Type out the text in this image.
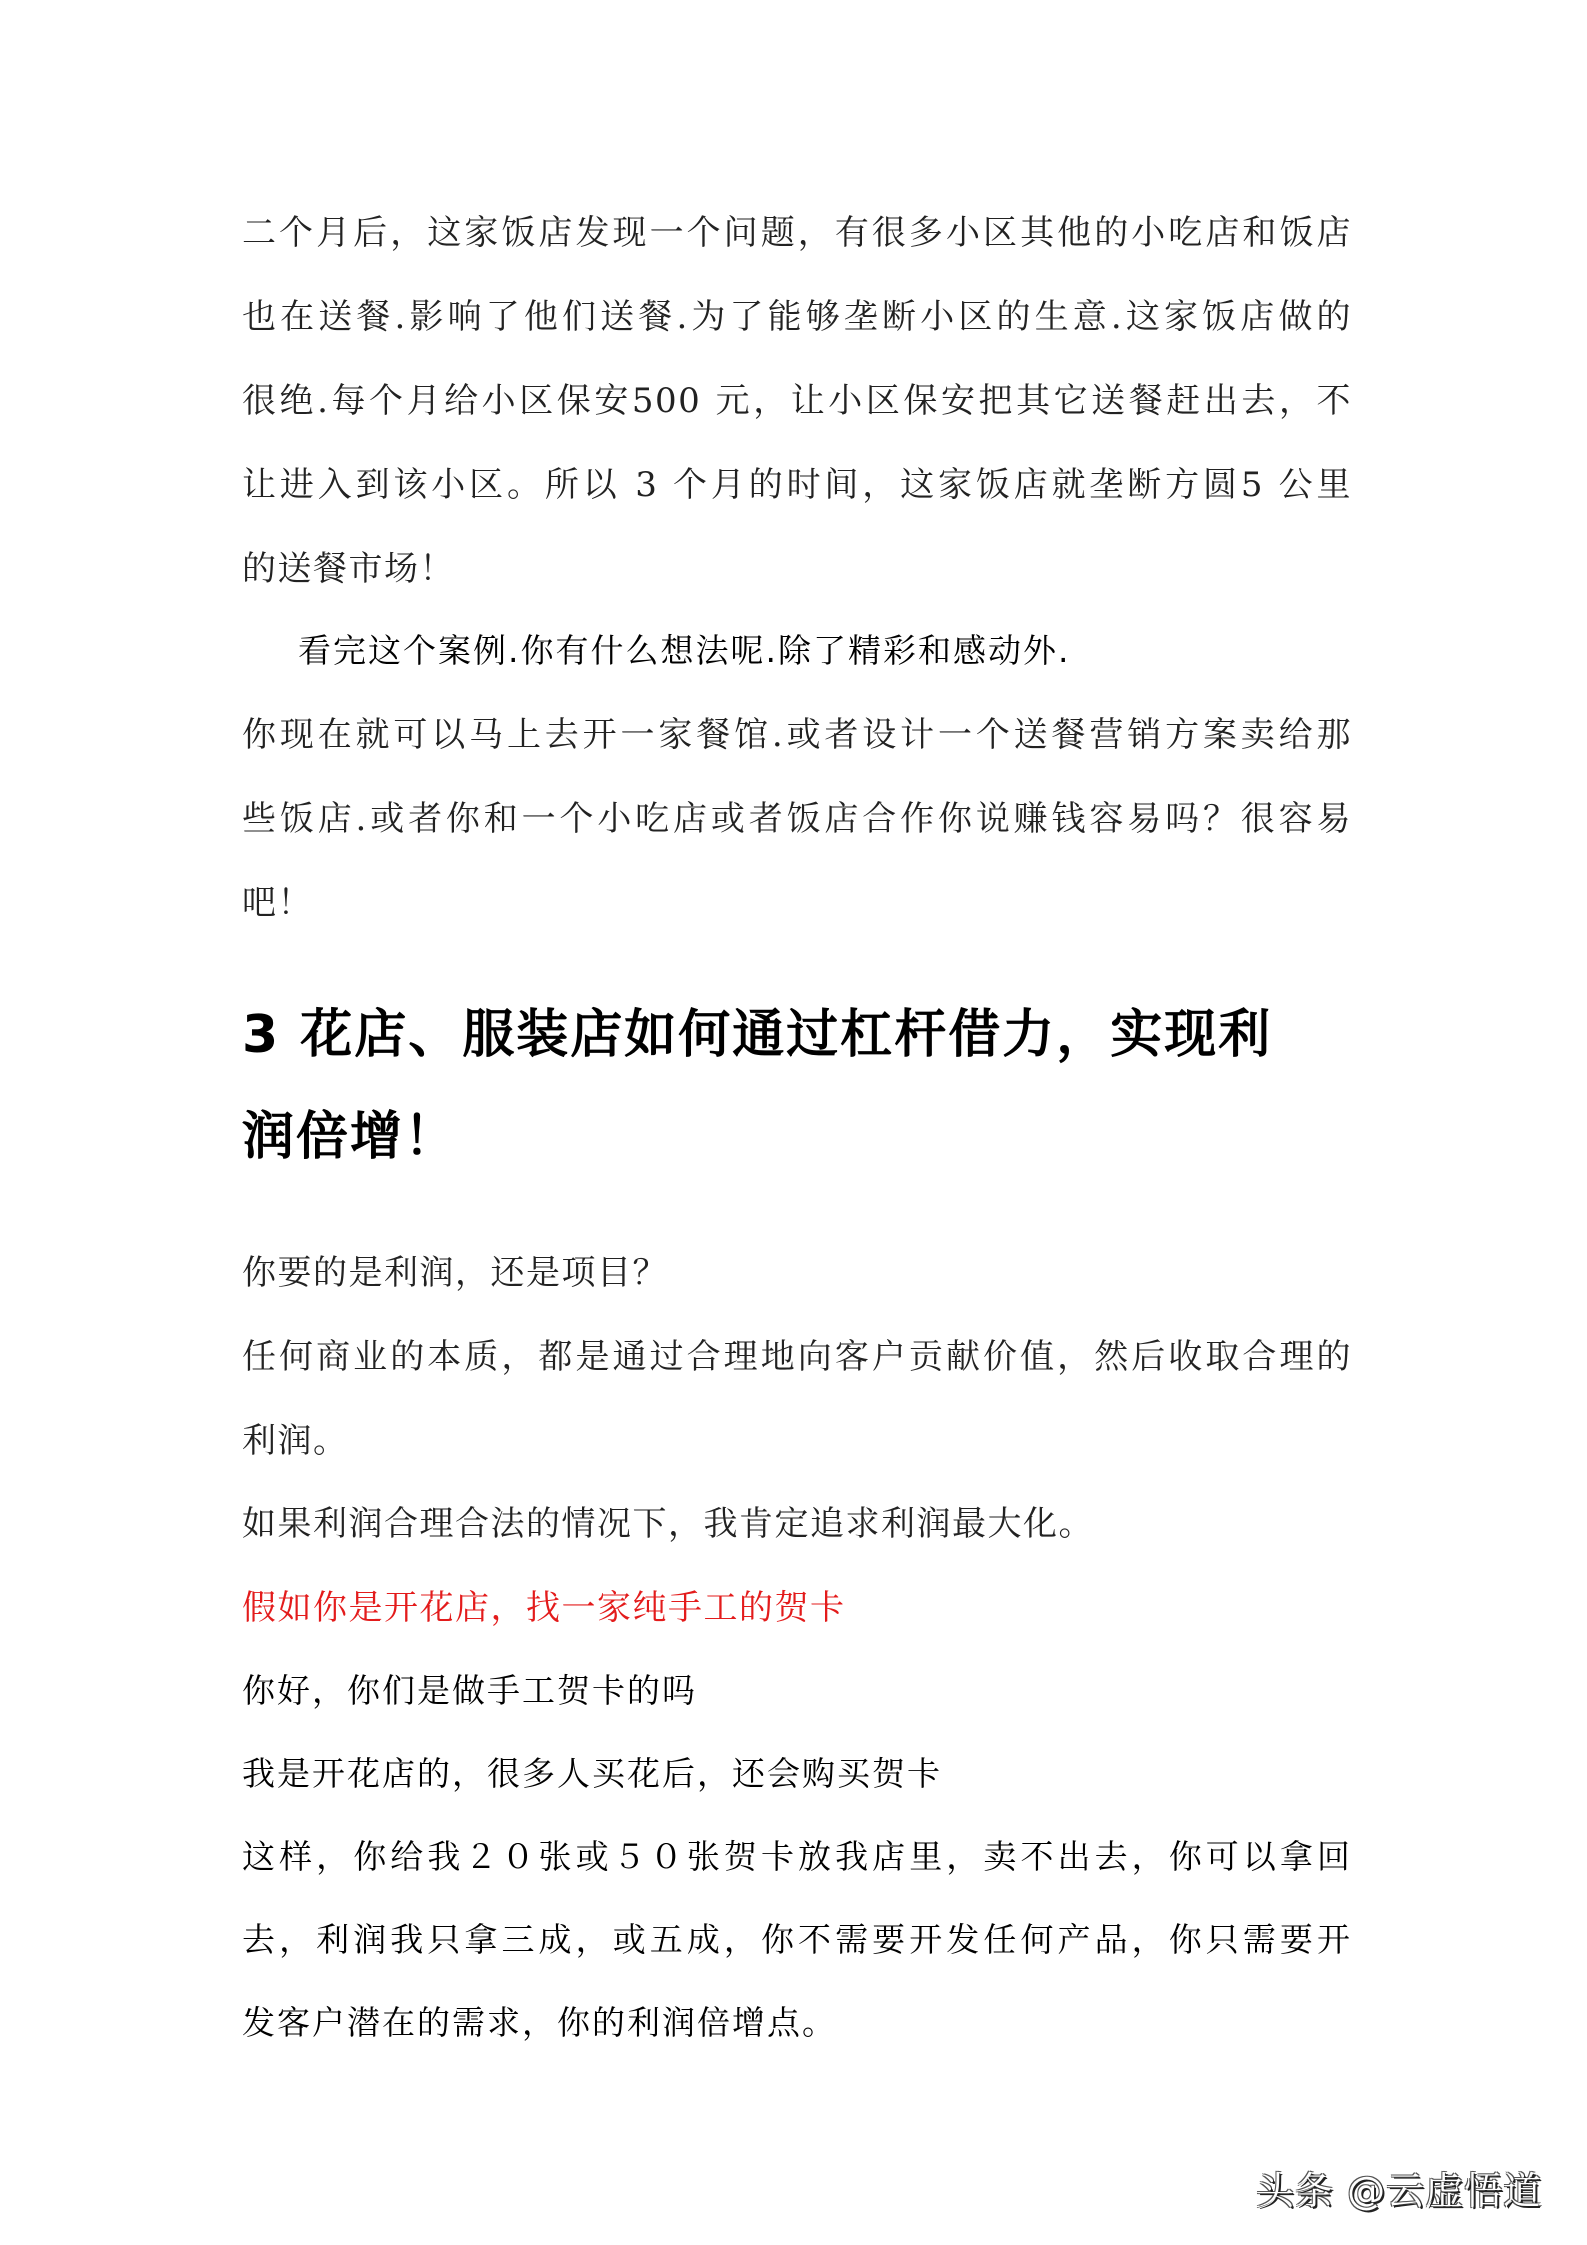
二个月后，这家饭店发现一个问题，有很多小区其他的小吃店和饭店
也在送餐.影响了他们送餐.为了能够垄断小区的生意.这家饭店做的
很绝.每个月给小区保安500 元，让小区保安把其它送餐赶出去，不
让进入到该小区。所以 3 个月的时间，这家饭店就垄断方圆5 公里
的送餐市场！
看完这个案例.你有什么想法呢.除了精彩和感动外.
你现在就可以马上去开一家餐馆.或者设计一个送餐营销方案卖给那
些饭店.或者你和一个小吃店或者饭店合作你说赚钱容易吗？很容易
吧！
3 花店、服装店如何通过杠杆借力，实现利
润倍增！
你要的是利润，还是项目？
任何商业的本质，都是通过合理地向客户贡献价值，然后收取合理的
利润。
如果利润合理合法的情况下，我肯定追求利润最大化。
假如你是开花店，找一家纯手工的贺卡
你好，你们是做手工贺卡的吗
我是开花店的，很多人买花后，还会购买贺卡
这样，你给我２０张或５０张贺卡放我店里，卖不出去，你可以拿回
去，利润我只拿三成，或五成，你不需要开发任何产品，你只需要开
发客户潜在的需求，你的利润倍增点。
头条 @云虚悟道
